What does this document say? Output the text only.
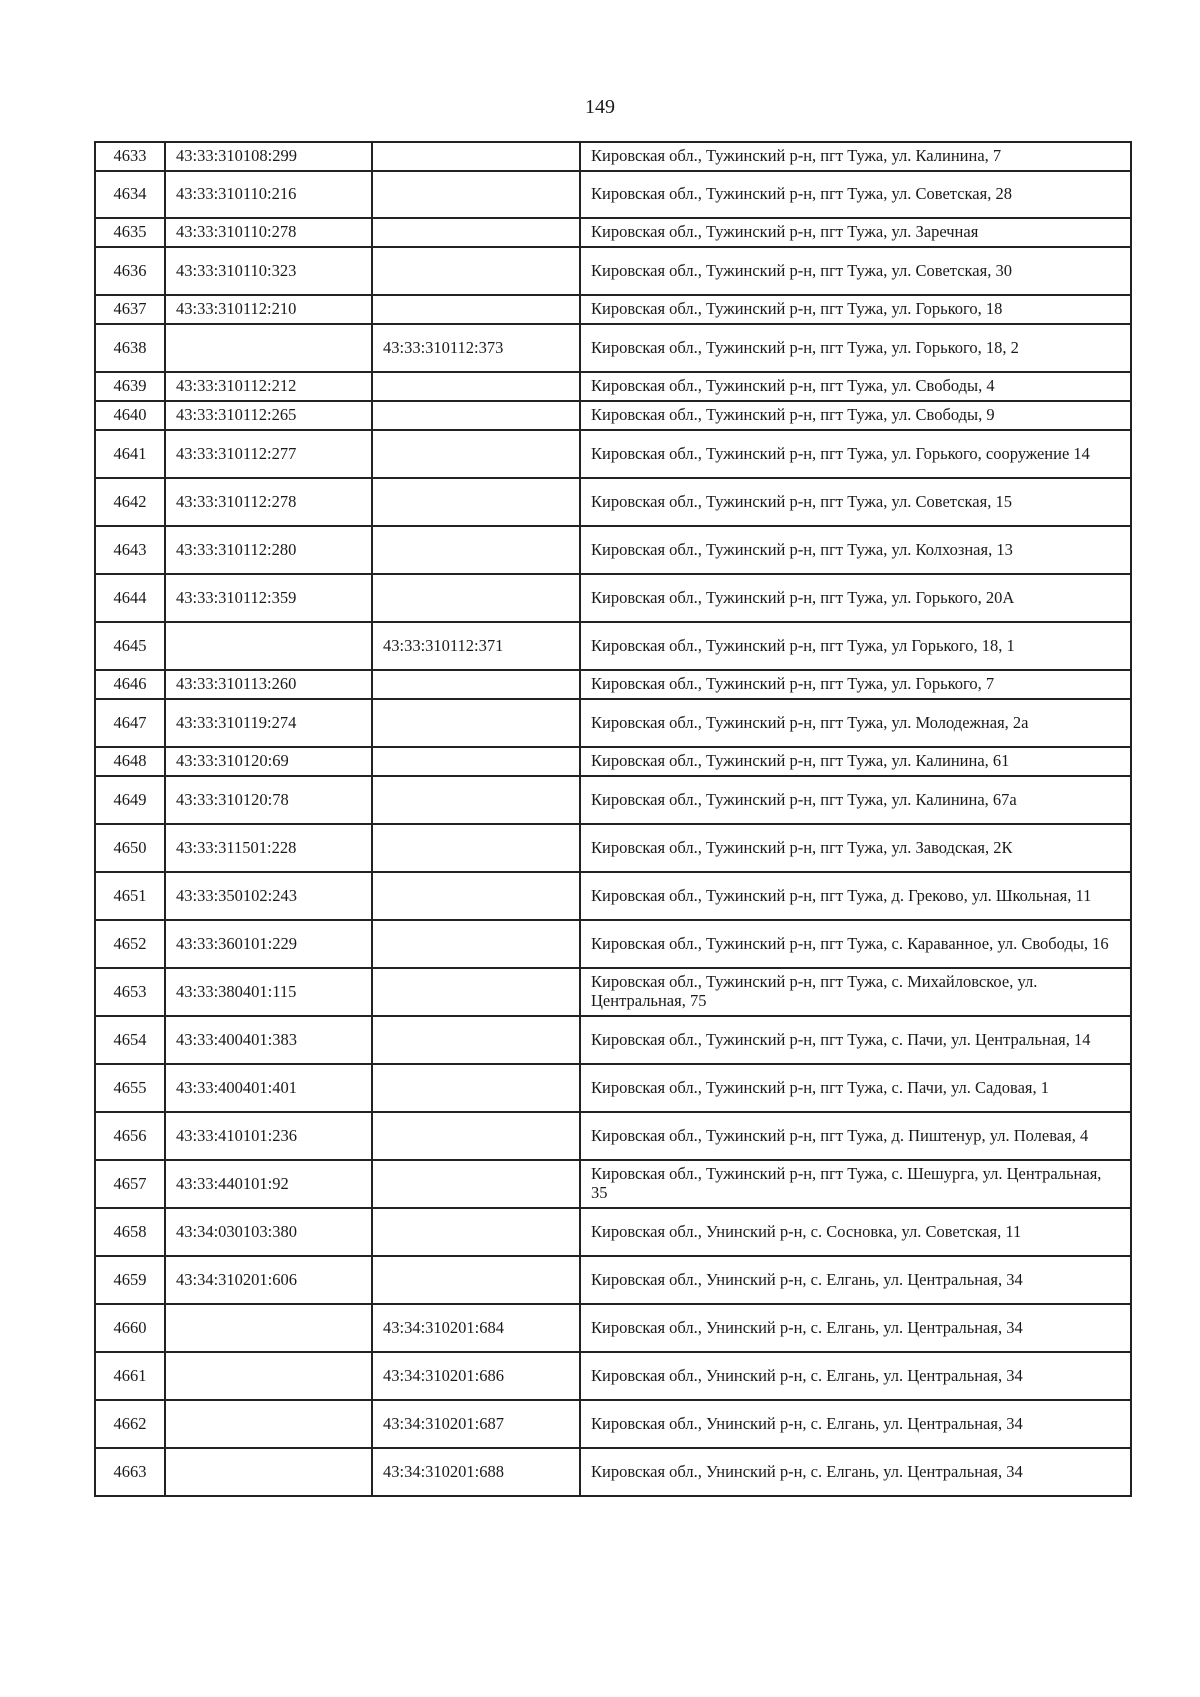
149
4633	43:33:310108:299		Кировская обл., Тужинский р-н, пгт Тужа, ул. Калинина, 7
4634	43:33:310110:216		Кировская обл., Тужинский р-н, пгт Тужа, ул. Советская, 28
4635	43:33:310110:278		Кировская обл., Тужинский р-н, пгт Тужа, ул. Заречная
4636	43:33:310110:323		Кировская обл., Тужинский р-н, пгт Тужа, ул. Советская, 30
4637	43:33:310112:210		Кировская обл., Тужинский р-н, пгт Тужа, ул. Горького, 18
4638		43:33:310112:373	Кировская обл., Тужинский р-н, пгт Тужа, ул. Горького, 18, 2
4639	43:33:310112:212		Кировская обл., Тужинский р-н, пгт Тужа, ул. Свободы, 4
4640	43:33:310112:265		Кировская обл., Тужинский р-н, пгт Тужа, ул. Свободы, 9
4641	43:33:310112:277		Кировская обл., Тужинский р-н, пгт Тужа, ул. Горького, сооружение 14
4642	43:33:310112:278		Кировская обл., Тужинский р-н, пгт Тужа, ул. Советская, 15
4643	43:33:310112:280		Кировская обл., Тужинский р-н, пгт Тужа, ул. Колхозная, 13
4644	43:33:310112:359		Кировская обл., Тужинский р-н, пгт Тужа, ул. Горького, 20А
4645		43:33:310112:371	Кировская обл., Тужинский р-н, пгт Тужа, ул Горького, 18, 1
4646	43:33:310113:260		Кировская обл., Тужинский р-н, пгт Тужа, ул. Горького, 7
4647	43:33:310119:274		Кировская обл., Тужинский р-н, пгт Тужа, ул. Молодежная, 2а
4648	43:33:310120:69		Кировская обл., Тужинский р-н, пгт Тужа, ул. Калинина, 61
4649	43:33:310120:78		Кировская обл., Тужинский р-н, пгт Тужа, ул. Калинина, 67а
4650	43:33:311501:228		Кировская обл., Тужинский р-н, пгт Тужа, ул. Заводская, 2К
4651	43:33:350102:243		Кировская обл., Тужинский р-н, пгт Тужа, д. Греково, ул. Школьная, 11
4652	43:33:360101:229		Кировская обл., Тужинский р-н, пгт Тужа, с. Караванное, ул. Свободы, 16
4653	43:33:380401:115		Кировская обл., Тужинский р-н, пгт Тужа, с. Михайловское, ул. Центральная, 75
4654	43:33:400401:383		Кировская обл., Тужинский р-н, пгт Тужа, с. Пачи, ул. Центральная, 14
4655	43:33:400401:401		Кировская обл., Тужинский р-н, пгт Тужа, с. Пачи, ул. Садовая, 1
4656	43:33:410101:236		Кировская обл., Тужинский р-н, пгт Тужа, д. Пиштенур, ул. Полевая, 4
4657	43:33:440101:92		Кировская обл., Тужинский р-н, пгт Тужа, с. Шешурга, ул. Центральная, 35
4658	43:34:030103:380		Кировская обл., Унинский р-н, с. Сосновка, ул. Советская, 11
4659	43:34:310201:606		Кировская обл., Унинский р-н, с. Елгань, ул. Центральная, 34
4660		43:34:310201:684	Кировская обл., Унинский р-н, с. Елгань, ул. Центральная, 34
4661		43:34:310201:686	Кировская обл., Унинский р-н, с. Елгань, ул. Центральная, 34
4662		43:34:310201:687	Кировская обл., Унинский р-н, с. Елгань, ул. Центральная, 34
4663		43:34:310201:688	Кировская обл., Унинский р-н, с. Елгань, ул. Центральная, 34
